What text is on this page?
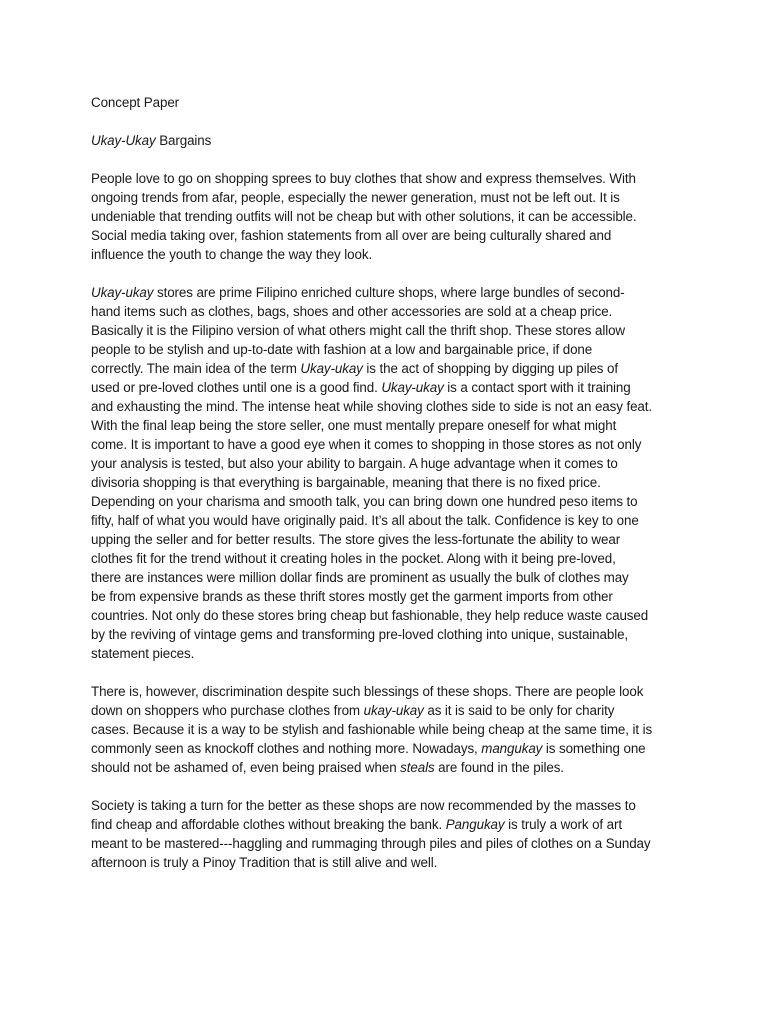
Concept Paper
Ukay-Ukay Bargains
People love to go on shopping sprees to buy clothes that show and express themselves. With
ongoing trends from afar, people, especially the newer generation, must not be left out. It is
undeniable that trending outfits will not be cheap but with other solutions, it can be accessible.
Social media taking over, fashion statements from all over are being culturally shared and
influence the youth to change the way they look.
Ukay-ukay stores are prime Filipino enriched culture shops, where large bundles of second-
hand items such as clothes, bags, shoes and other accessories are sold at a cheap price.
Basically it is the Filipino version of what others might call the thrift shop. These stores allow
people to be stylish and up-to-date with fashion at a low and bargainable price, if done
correctly. The main idea of the term Ukay-ukay is the act of shopping by digging up piles of
used or pre-loved clothes until one is a good find. Ukay-ukay is a contact sport with it training
and exhausting the mind. The intense heat while shoving clothes side to side is not an easy feat.
With the final leap being the store seller, one must mentally prepare oneself for what might
come. It is important to have a good eye when it comes to shopping in those stores as not only
your analysis is tested, but also your ability to bargain. A huge advantage when it comes to
divisoria shopping is that everything is bargainable, meaning that there is no fixed price.
Depending on your charisma and smooth talk, you can bring down one hundred peso items to
fifty, half of what you would have originally paid. It’s all about the talk. Confidence is key to one
upping the seller and for better results. The store gives the less-fortunate the ability to wear
clothes fit for the trend without it creating holes in the pocket. Along with it being pre-loved,
there are instances were million dollar finds are prominent as usually the bulk of clothes may
be from expensive brands as these thrift stores mostly get the garment imports from other
countries. Not only do these stores bring cheap but fashionable, they help reduce waste caused
by the reviving of vintage gems and transforming pre-loved clothing into unique, sustainable,
statement pieces.
There is, however, discrimination despite such blessings of these shops. There are people look
down on shoppers who purchase clothes from ukay-ukay as it is said to be only for charity
cases. Because it is a way to be stylish and fashionable while being cheap at the same time, it is
commonly seen as knockoff clothes and nothing more. Nowadays, mangukay is something one
should not be ashamed of, even being praised when steals are found in the piles.
Society is taking a turn for the better as these shops are now recommended by the masses to
find cheap and affordable clothes without breaking the bank. Pangukay is truly a work of art
meant to be mastered---haggling and rummaging through piles and piles of clothes on a Sunday
afternoon is truly a Pinoy Tradition that is still alive and well.
